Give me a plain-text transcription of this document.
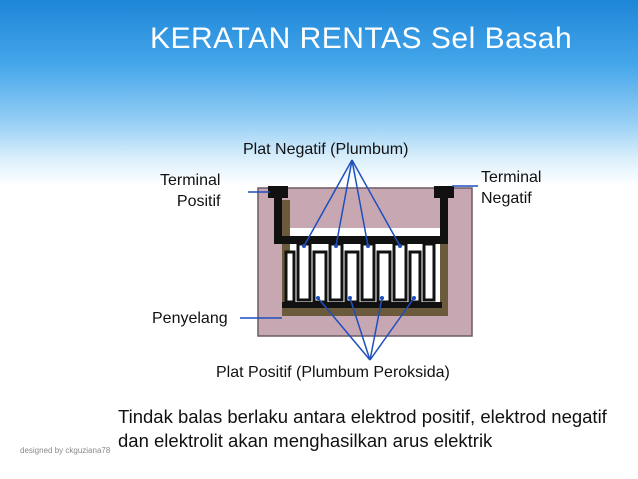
KERATAN RENTAS Sel Basah
Plat Negatif (Plumbum)
Terminal
Positif
Terminal
Negatif
Penyelang
Plat Positif (Plumbum Peroksida)
Tindak balas berlaku antara elektrod positif, elektrod negatif dan elektrolit akan menghasilkan arus elektrik
designed by ckguziana78
